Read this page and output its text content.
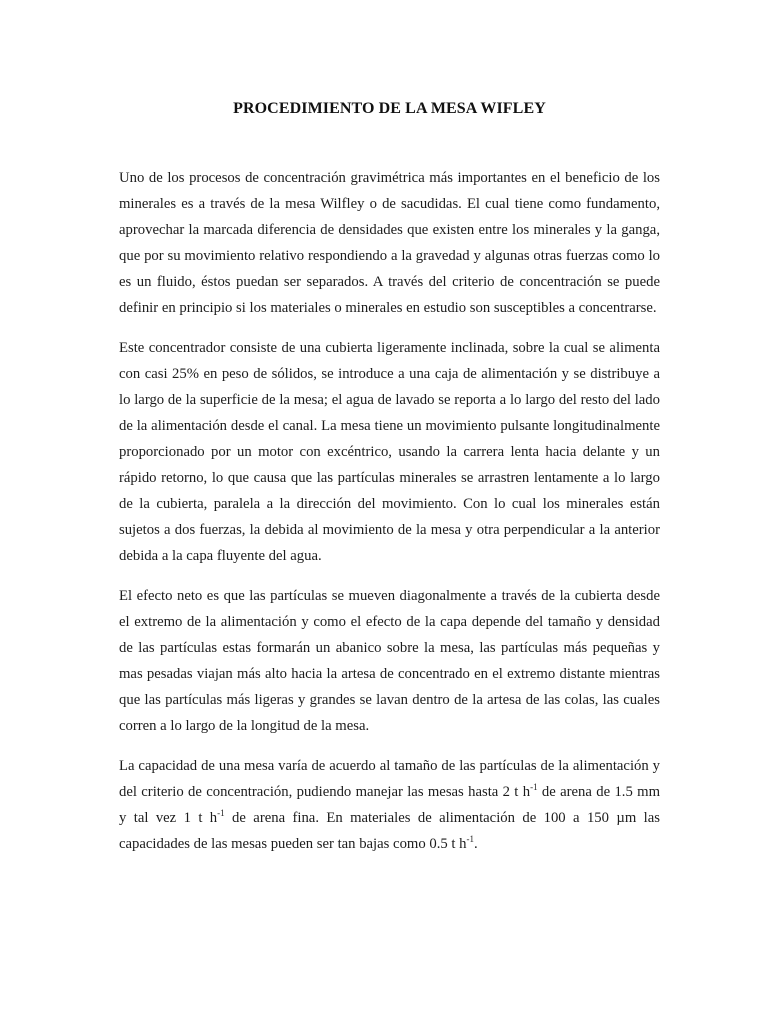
PROCEDIMIENTO DE LA MESA WIFLEY

Uno de los procesos de concentración gravimétrica más importantes en el beneficio de los minerales es a través de la mesa Wilfley o de sacudidas. El cual tiene como fundamento, aprovechar la marcada diferencia de densidades que existen entre los minerales y la ganga, que por su movimiento relativo respondiendo a la gravedad y algunas otras fuerzas como lo es un fluido, éstos puedan ser separados. A través del criterio de concentración se puede definir en principio si los materiales o minerales en estudio son susceptibles a concentrarse.

Este concentrador consiste de una cubierta ligeramente inclinada, sobre la cual se alimenta con casi 25% en peso de sólidos, se introduce a una caja de alimentación y se distribuye a lo largo de la superficie de la mesa; el agua de lavado se reporta a lo largo del resto del lado de la alimentación desde el canal. La mesa tiene un movimiento pulsante longitudinalmente proporcionado por un motor con excéntrico, usando la carrera lenta hacia delante y un rápido retorno, lo que causa que las partículas minerales se arrastren lentamente a lo largo de la cubierta, paralela a la dirección del movimiento. Con lo cual los minerales están sujetos a dos fuerzas, la debida al movimiento de la mesa y otra perpendicular a la anterior debida a la capa fluyente del agua.

El efecto neto es que las partículas se mueven diagonalmente a través de la cubierta desde el extremo de la alimentación y como el efecto de la capa depende del tamaño y densidad de las partículas estas formarán un abanico sobre la mesa, las partículas más pequeñas y mas pesadas viajan más alto hacia la artesa de concentrado en el extremo distante mientras que las partículas más ligeras y grandes se lavan dentro de la artesa de las colas, las cuales corren a lo largo de la longitud de la mesa.

La capacidad de una mesa varía de acuerdo al tamaño de las partículas de la alimentación y del criterio de concentración, pudiendo manejar las mesas hasta 2 t $h^{-1}$ de arena de 1.5 mm y tal vez 1 t $h^{-1}$ de arena fina. En materiales de alimentación de 100 a 150 µm las capacidades de las mesas pueden ser tan bajas como 0.5 t $h^{-1}$.
